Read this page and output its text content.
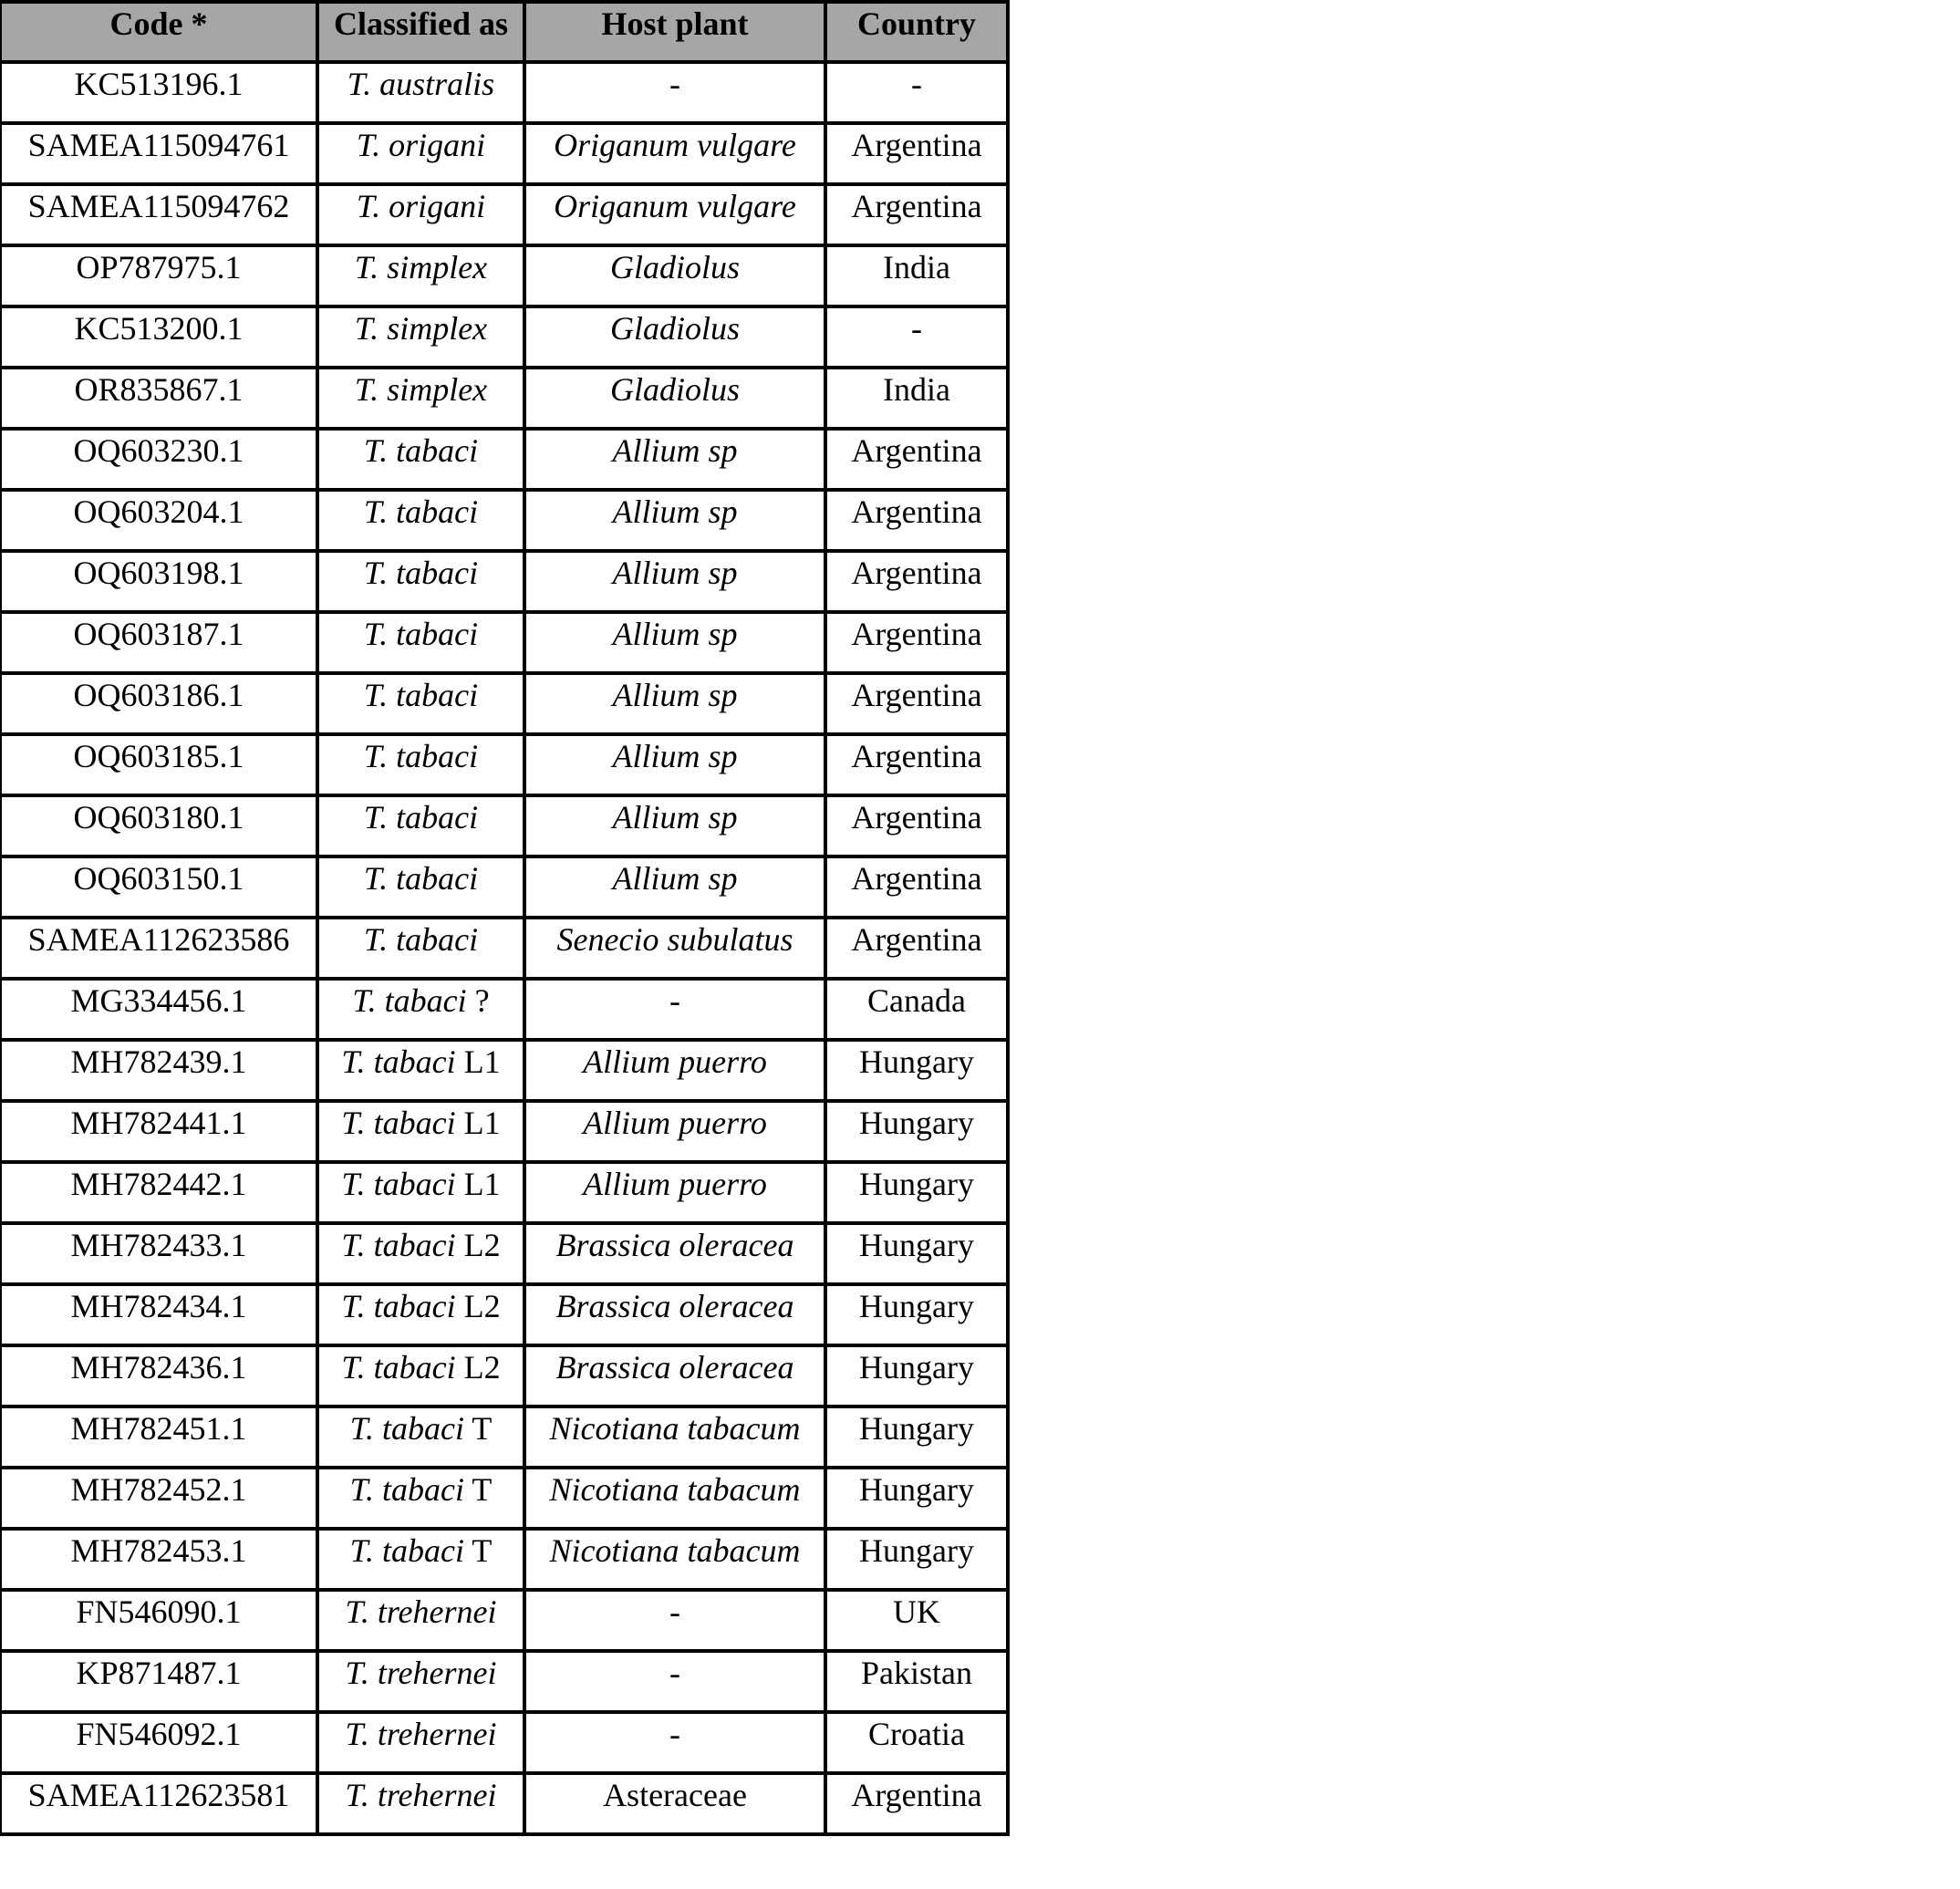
Code *	Classified as	Host plant	Country
KC513196.1	T. australis	-	-
SAMEA115094761	T. origani	Origanum vulgare	Argentina
SAMEA115094762	T. origani	Origanum vulgare	Argentina
OP787975.1	T. simplex	Gladiolus	India
KC513200.1	T. simplex	Gladiolus	-
OR835867.1	T. simplex	Gladiolus	India
OQ603230.1	T. tabaci	Allium sp	Argentina
OQ603204.1	T. tabaci	Allium sp	Argentina
OQ603198.1	T. tabaci	Allium sp	Argentina
OQ603187.1	T. tabaci	Allium sp	Argentina
OQ603186.1	T. tabaci	Allium sp	Argentina
OQ603185.1	T. tabaci	Allium sp	Argentina
OQ603180.1	T. tabaci	Allium sp	Argentina
OQ603150.1	T. tabaci	Allium sp	Argentina
SAMEA112623586	T. tabaci	Senecio subulatus	Argentina
MG334456.1	T. tabaci ?	-	Canada
MH782439.1	T. tabaci L1	Allium puerro	Hungary
MH782441.1	T. tabaci L1	Allium puerro	Hungary
MH782442.1	T. tabaci L1	Allium puerro	Hungary
MH782433.1	T. tabaci L2	Brassica oleracea	Hungary
MH782434.1	T. tabaci L2	Brassica oleracea	Hungary
MH782436.1	T. tabaci L2	Brassica oleracea	Hungary
MH782451.1	T. tabaci T	Nicotiana tabacum	Hungary
MH782452.1	T. tabaci T	Nicotiana tabacum	Hungary
MH782453.1	T. tabaci T	Nicotiana tabacum	Hungary
FN546090.1	T. trehernei	-	UK
KP871487.1	T. trehernei	-	Pakistan
FN546092.1	T. trehernei	-	Croatia
SAMEA112623581	T. trehernei	Asteraceae	Argentina
